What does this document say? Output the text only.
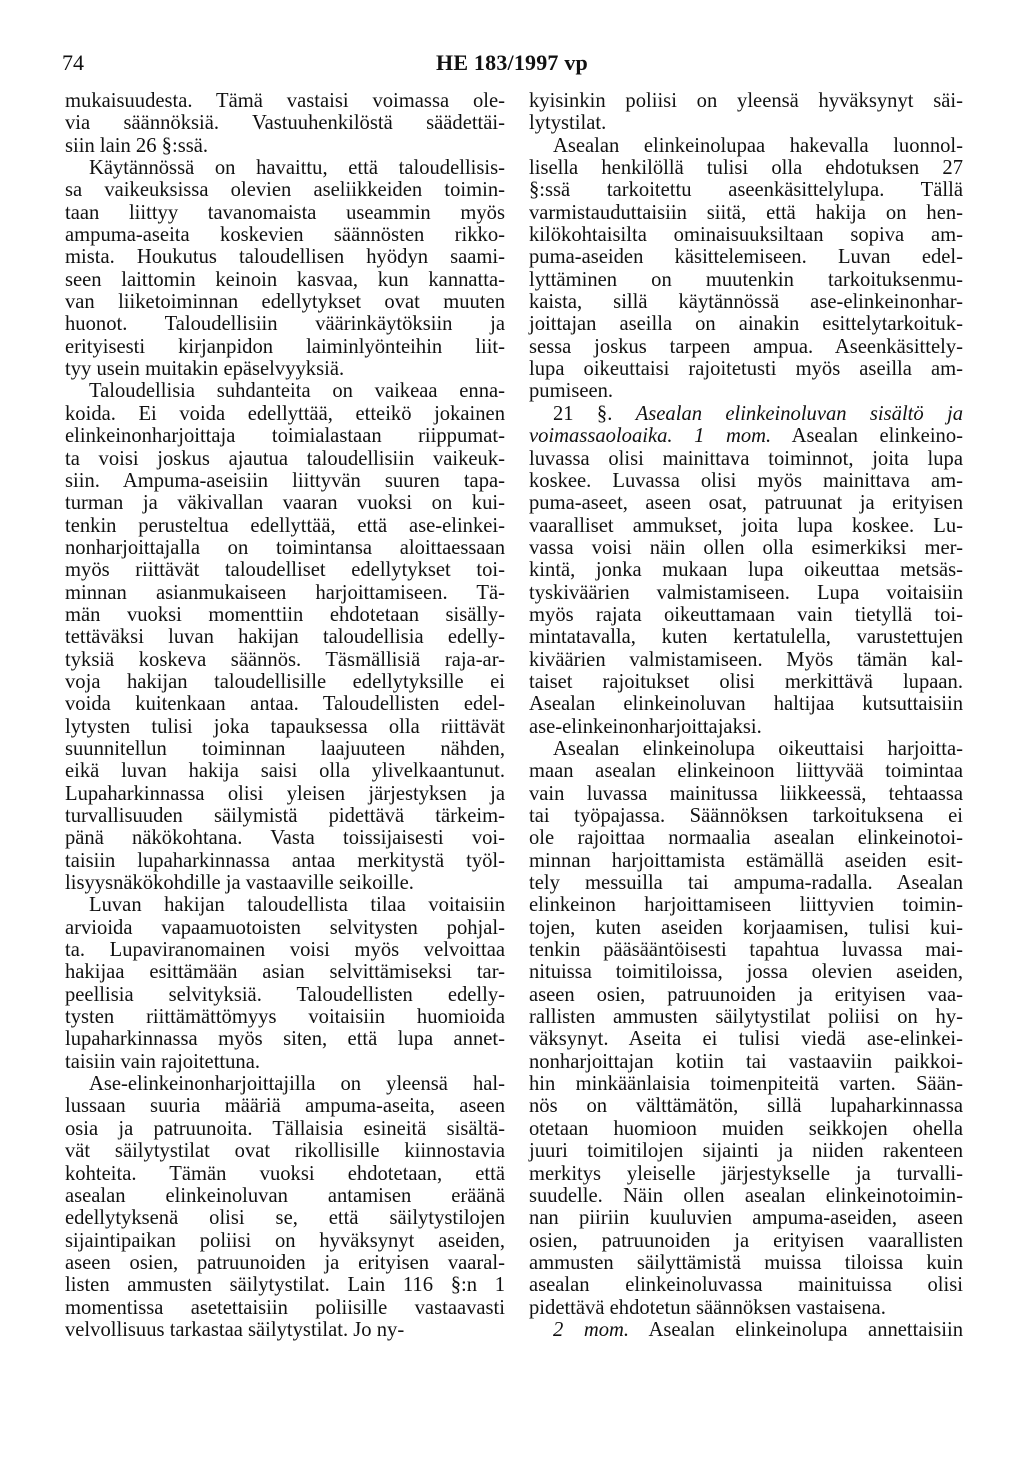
74	HE 183/1997 vp
mukaisuudesta. Tämä vastaisi voimassa ole-
via säännöksiä. Vastuuhenkilöstä säädettäi-
siin lain 26 §:ssä.
Käytännössä on havaittu, että taloudellisis-
sa vaikeuksissa olevien aseliikkeiden toimin-
taan liittyy tavanomaista useammin myös
ampuma-aseita koskevien säännösten rikko-
mista. Houkutus taloudellisen hyödyn saami-
seen laittomin keinoin kasvaa, kun kannatta-
van liiketoiminnan edellytykset ovat muuten
huonot. Taloudellisiin väärinkäytöksiin ja
erityisesti kirjanpidon laiminlyönteihin liit-
tyy usein muitakin epäselvyyksiä.
Taloudellisia suhdanteita on vaikeaa enna-
koida. Ei voida edellyttää, etteikö jokainen
elinkeinonharjoittaja toimialastaan riippumat-
ta voisi joskus ajautua taloudellisiin vaikeuk-
siin. Ampuma-aseisiin liittyvän suuren tapa-
turman ja väkivallan vaaran vuoksi on kui-
tenkin perusteltua edellyttää, että ase-elinkei-
nonharjoittajalla on toimintansa aloittaessaan
myös riittävät taloudelliset edellytykset toi-
minnan asianmukaiseen harjoittamiseen. Tä-
män vuoksi momenttiin ehdotetaan sisälly-
tettäväksi luvan hakijan taloudellisia edelly-
tyksiä koskeva säännös. Täsmällisiä raja-ar-
voja hakijan taloudellisille edellytyksille ei
voida kuitenkaan antaa. Taloudellisten edel-
lytysten tulisi joka tapauksessa olla riittävät
suunnitellun toiminnan laajuuteen nähden,
eikä luvan hakija saisi olla ylivelkaantunut.
Lupaharkinnassa olisi yleisen järjestyksen ja
turvallisuuden säilymistä pidettävä tärkeim-
pänä näkökohtana. Vasta toissijaisesti voi-
taisiin lupaharkinnassa antaa merkitystä työl-
lisyysnäkökohdille ja vastaaville seikoille.
Luvan hakijan taloudellista tilaa voitaisiin
arvioida vapaamuotoisten selvitysten pohjal-
ta. Lupaviranomainen voisi myös velvoittaa
hakijaa esittämään asian selvittämiseksi tar-
peellisia selvityksiä. Taloudellisten edelly-
tysten riittämättömyys voitaisiin huomioida
lupaharkinnassa myös siten, että lupa annet-
taisiin vain rajoitettuna.
Ase-elinkeinonharjoittajilla on yleensä hal-
lussaan suuria määriä ampuma-aseita, aseen
osia ja patruunoita. Tällaisia esineitä sisältä-
vät säilytystilat ovat rikollisille kiinnostavia
kohteita. Tämän vuoksi ehdotetaan, että
asealan elinkeinoluvan antamisen eräänä
edellytyksenä olisi se, että säilytystilojen
sijaintipaikan poliisi on hyväksynyt aseiden,
aseen osien, patruunoiden ja erityisen vaaral-
listen ammusten säilytystilat. Lain 116 §:n 1
momentissa asetettaisiin poliisille vastaavasti
velvollisuus tarkastaa säilytystilat. Jo ny-
kyisinkin poliisi on yleensä hyväksynyt säi-
lytystilat.
Asealan elinkeinolupaa hakevalla luonnol-
lisella henkilöllä tulisi olla ehdotuksen 27
§:ssä tarkoitettu aseenkäsittelylupa. Tällä
varmistauduttaisiin siitä, että hakija on hen-
kilökohtaisilta ominaisuuksiltaan sopiva am-
puma-aseiden käsittelemiseen. Luvan edel-
lyttäminen on muutenkin tarkoituksenmu-
kaista, sillä käytännössä ase-elinkeinonhar-
joittajan aseilla on ainakin esittelytarkoituk-
sessa joskus tarpeen ampua. Aseenkäsittely-
lupa oikeuttaisi rajoitetusti myös aseilla am-
pumiseen.
21 §. Asealan elinkeinoluvan sisältö ja
voimassaoloaika. 1 mom. Asealan elinkeino-
luvassa olisi mainittava toiminnot, joita lupa
koskee. Luvassa olisi myös mainittava am-
puma-aseet, aseen osat, patruunat ja erityisen
vaaralliset ammukset, joita lupa koskee. Lu-
vassa voisi näin ollen olla esimerkiksi mer-
kintä, jonka mukaan lupa oikeuttaa metsäs-
tyskiväärien valmistamiseen. Lupa voitaisiin
myös rajata oikeuttamaan vain tietyllä toi-
mintatavalla, kuten kertatulella, varustettujen
kiväärien valmistamiseen. Myös tämän kal-
taiset rajoitukset olisi merkittävä lupaan.
Asealan elinkeinoluvan haltijaa kutsuttaisiin
ase-elinkeinonharjoittajaksi.
Asealan elinkeinolupa oikeuttaisi harjoitta-
maan asealan elinkeinoon liittyvää toimintaa
vain luvassa mainitussa liikkeessä, tehtaassa
tai työpajassa. Säännöksen tarkoituksena ei
ole rajoittaa normaalia asealan elinkeinotoi-
minnan harjoittamista estämällä aseiden esit-
tely messuilla tai ampuma-radalla. Asealan
elinkeinon harjoittamiseen liittyvien toimin-
tojen, kuten aseiden korjaamisen, tulisi kui-
tenkin pääsääntöisesti tapahtua luvassa mai-
nituissa toimitiloissa, jossa olevien aseiden,
aseen osien, patruunoiden ja erityisen vaa-
rallisten ammusten säilytystilat poliisi on hy-
väksynyt. Aseita ei tulisi viedä ase-elinkei-
nonharjoittajan kotiin tai vastaaviin paikkoi-
hin minkäänlaisia toimenpiteitä varten. Sään-
nös on välttämätön, sillä lupaharkinnassa
otetaan huomioon muiden seikkojen ohella
juuri toimitilojen sijainti ja niiden rakenteen
merkitys yleiselle järjestykselle ja turvalli-
suudelle. Näin ollen asealan elinkeinotoimin-
nan piiriin kuuluvien ampuma-aseiden, aseen
osien, patruunoiden ja erityisen vaarallisten
ammusten säilyttämistä muissa tiloissa kuin
asealan elinkeinoluvassa mainituissa olisi
pidettävä ehdotetun säännöksen vastaisena.
2 mom. Asealan elinkeinolupa annettaisiin
